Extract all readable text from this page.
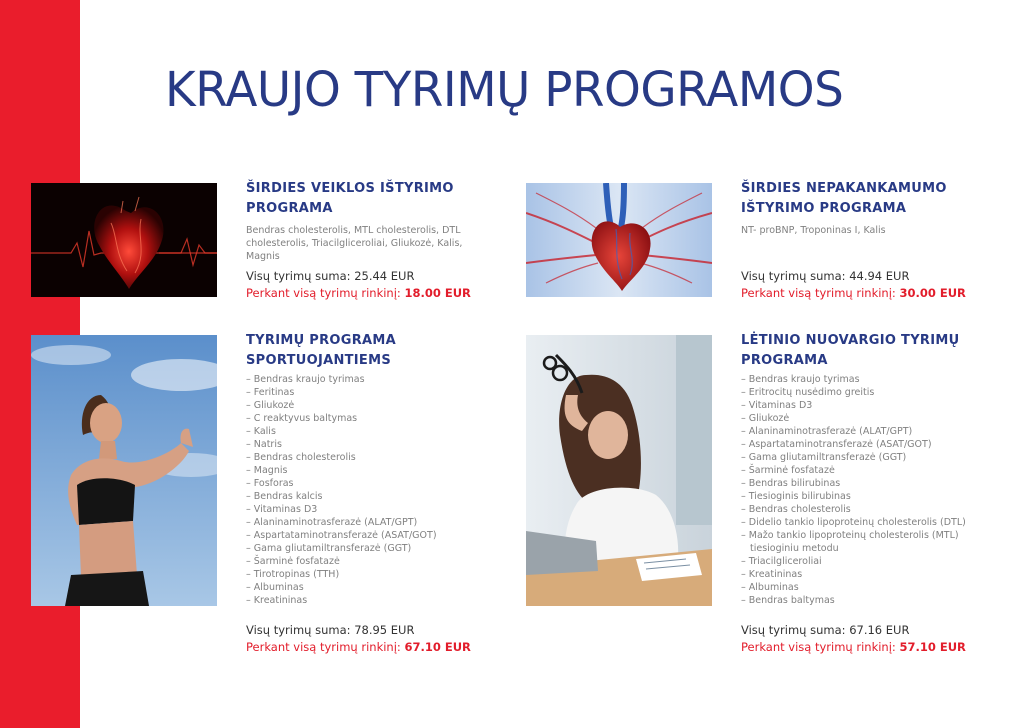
KRAUJO TYRIMŲ PROGRAMOS
ŠIRDIES VEIKLOS IŠTYRIMO PROGRAMA
Bendras cholesterolis, MTL cholesterolis, DTL cholesterolis, Triacilgliceroliai, Gliukozė, Kalis, Magnis
Visų tyrimų suma: 25.44 EUR
Perkant visą tyrimų rinkinį: 18.00 EUR
ŠIRDIES NEPAKANKAMUMO IŠTYRIMO PROGRAMA
NT- proBNP, Troponinas I, Kalis
Visų tyrimų suma: 44.94 EUR
Perkant visą tyrimų rinkinį: 30.00 EUR
TYRIMŲ PROGRAMA SPORTUOJANTIEMS
– Bendras kraujo tyrimas
– Feritinas
– Gliukozė
– C reaktyvus baltymas
– Kalis
– Natris
– Bendras cholesterolis
– Magnis
– Fosforas
– Bendras kalcis
– Vitaminas D3
– Alaninaminotrasferazė (ALAT/GPT)
– Aspartataminotransferazė (ASAT/GOT)
– Gama gliutamiltransferazė (GGT)
– Šarminė fosfatazė
– Tirotropinas (TTH)
– Albuminas
– Kreatininas
Visų tyrimų suma: 78.95 EUR
Perkant visą tyrimų rinkinį: 67.10 EUR
LĖTINIO NUOVARGIO TYRIMŲ PROGRAMA
– Bendras kraujo tyrimas
– Eritrocitų nusėdimo greitis
– Vitaminas D3
– Gliukozė
– Alaninaminotrasferazė (ALAT/GPT)
– Aspartataminotransferazė (ASAT/GOT)
– Gama gliutamiltransferazė (GGT)
– Šarminė fosfatazė
– Bendras bilirubinas
– Tiesioginis bilirubinas
– Bendras cholesterolis
– Didelio tankio lipoproteinų cholesterolis (DTL)
– Mažo tankio lipoproteinų cholesterolis (MTL) tiesioginiu metodu
– Triacilgliceroliai
– Kreatininas
– Albuminas
– Bendras baltymas
Visų tyrimų suma: 67.16 EUR
Perkant visą tyrimų rinkinį: 57.10 EUR
